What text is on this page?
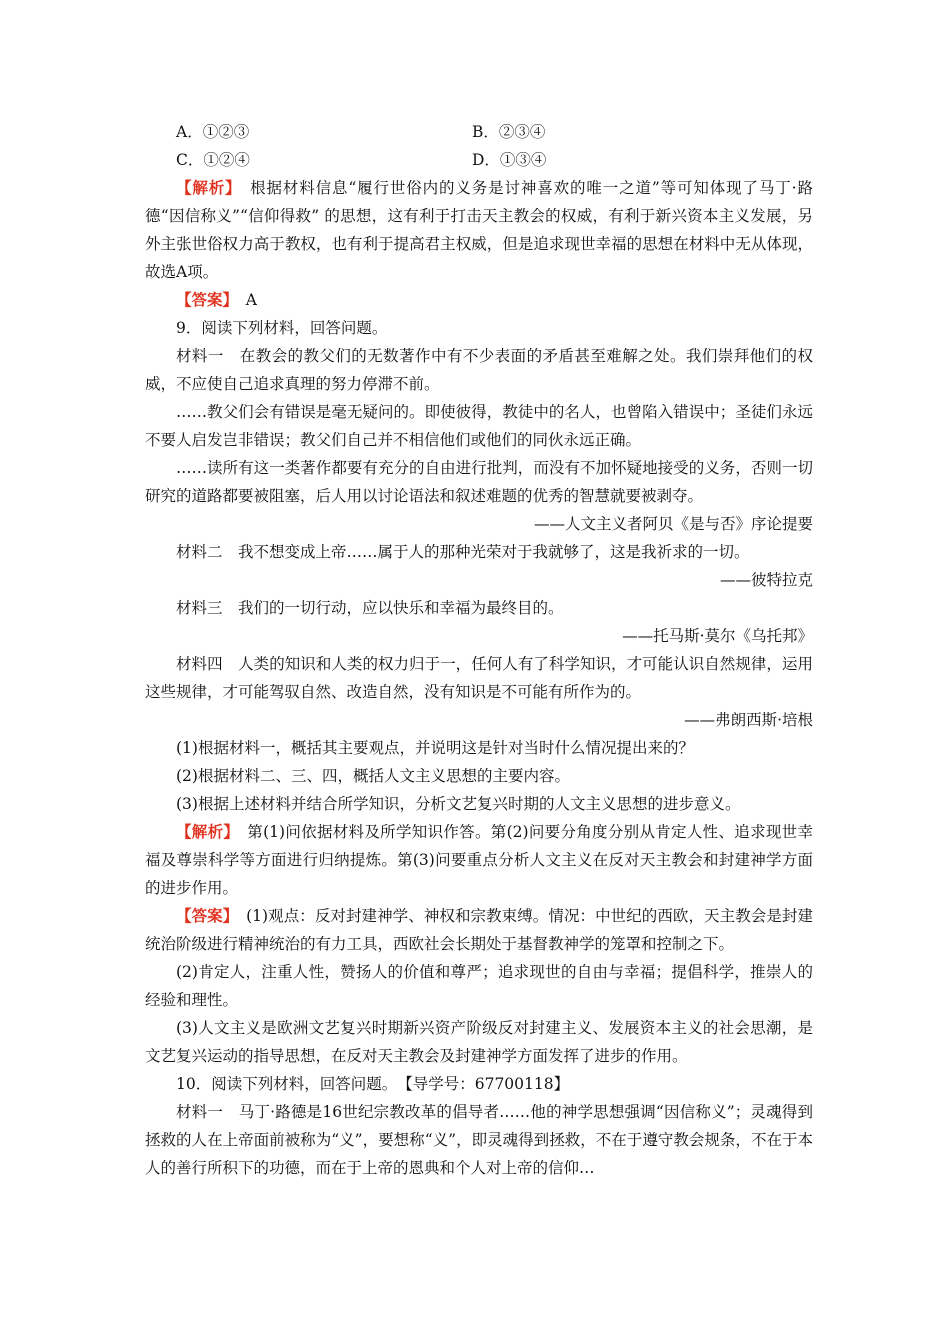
A．①②③	B．②③④
C．①②④	D．①③④
【解析】　 根据材料信息“履行世俗内的义务是讨神喜欢的唯一之道”等可知体现了马丁·路德“因信称义”“信仰得救” 的思想，这有利于打击天主教会的权威，有利于新兴资本主义发展，另外主张世俗权力高于教权，也有利于提高君主权威，但是追求现世幸福的思想在材料中无从体现，故选A项。
【答案】　 A
9．阅读下列材料，回答问题。
材料一　在教会的教父们的无数著作中有不少表面的矛盾甚至难解之处。我们崇拜他们的权威，不应使自己追求真理的努力停滞不前。
……教父们会有错误是毫无疑问的。即使彼得，教徒中的名人，也曾陷入错误中；圣徒们永远不要人启发岂非错误；教父们自己并不相信他们或他们的同伙永远正确。
……读所有这一类著作都要有充分的自由进行批判，而没有不加怀疑地接受的义务，否则一切研究的道路都要被阻塞，后人用以讨论语法和叙述难题的优秀的智慧就要被剥夺。
——人文主义者阿贝《是与否》序论提要
材料二　我不想变成上帝……属于人的那种光荣对于我就够了，这是我祈求的一切。
——彼特拉克
材料三　我们的一切行动，应以快乐和幸福为最终目的。
——托马斯·莫尔《乌托邦》
材料四　人类的知识和人类的权力归于一，任何人有了科学知识，才可能认识自然规律，运用这些规律，才可能驾驭自然、改造自然，没有知识是不可能有所作为的。
——弗朗西斯·培根
(1)根据材料一，概括其主要观点，并说明这是针对当时什么情况提出来的？
(2)根据材料二、三、四，概括人文主义思想的主要内容。
(3)根据上述材料并结合所学知识，分析文艺复兴时期的人文主义思想的进步意义。
【解析】　 第(1)问依据材料及所学知识作答。第(2)问要分角度分别从肯定人性、追求现世幸福及尊崇科学等方面进行归纳提炼。第(3)问要重点分析人文主义在反对天主教会和封建神学方面的进步作用。
【答案】　 (1)观点：反对封建神学、神权和宗教束缚。情况：中世纪的西欧，天主教会是封建统治阶级进行精神统治的有力工具，西欧社会长期处于基督教神学的笼罩和控制之下。
(2)肯定人，注重人性，赞扬人的价值和尊严；追求现世的自由与幸福；提倡科学，推崇人的经验和理性。
(3)人文主义是欧洲文艺复兴时期新兴资产阶级反对封建主义、发展资本主义的社会思潮，是文艺复兴运动的指导思想，在反对天主教会及封建神学方面发挥了进步的作用。
10．阅读下列材料，回答问题。　【导学号：67700118】
材料一　马丁·路德是16世纪宗教改革的倡导者……他的神学思想强调“因信称义”；灵魂得到拯救的人在上帝面前被称为“义”，要想称“义”，即灵魂得到拯救，不在于遵守教会规条，不在于本人的善行所积下的功德，而在于上帝的恩典和个人对上帝的信仰…
